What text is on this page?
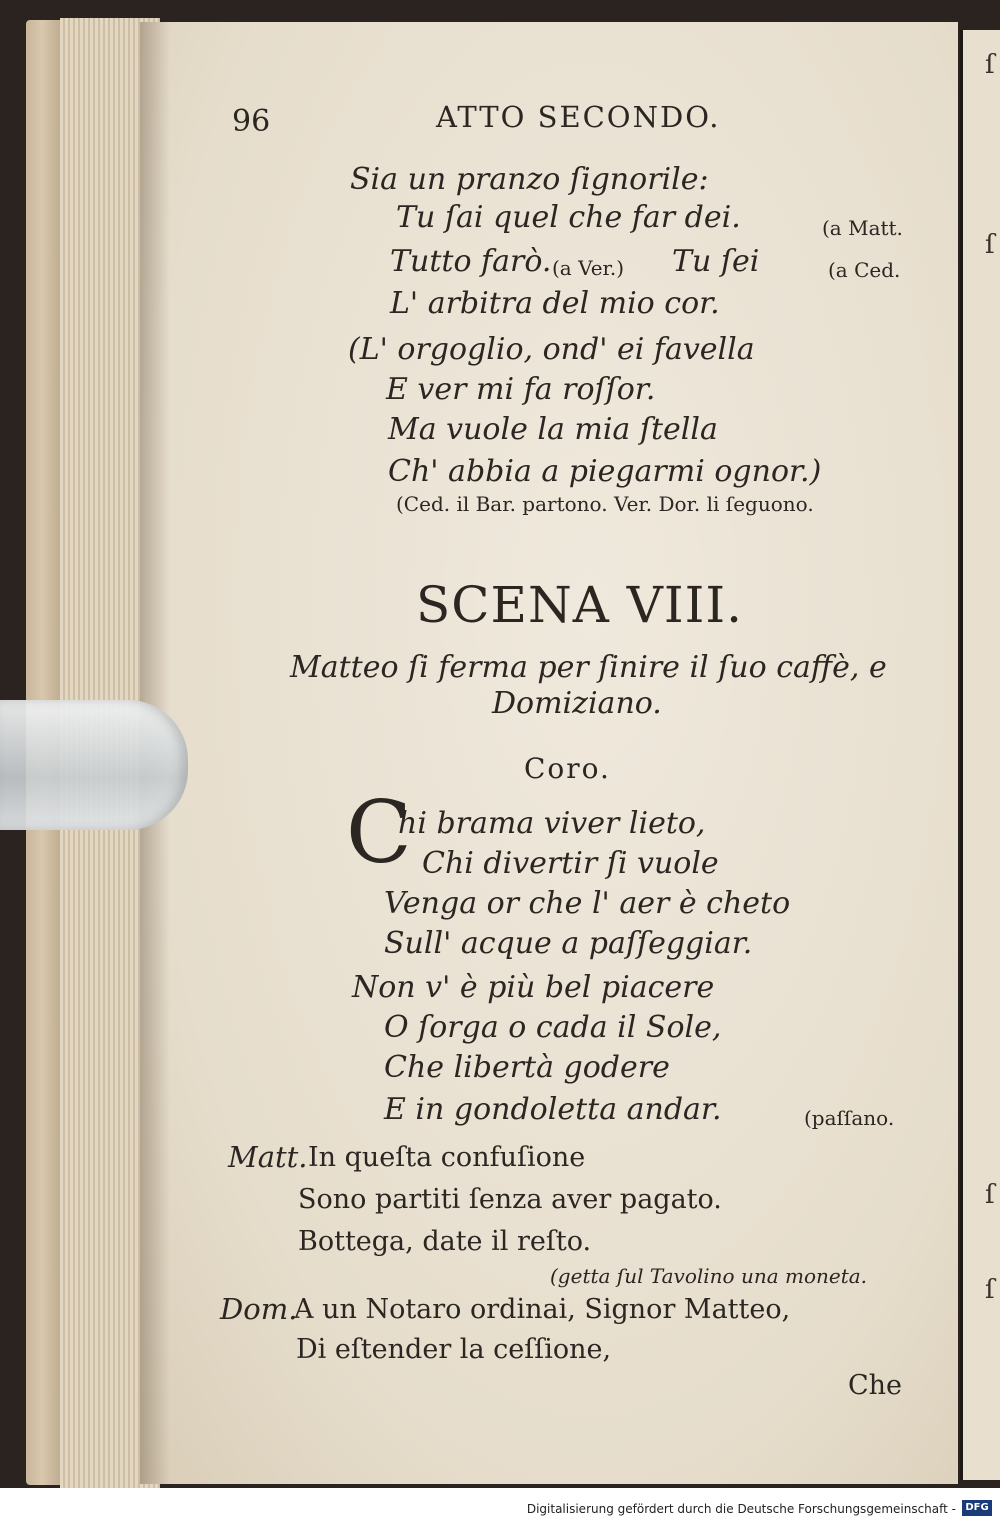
ſ
ſ
ſ
ſ
96	ATTO SECONDO.
Sia un pranzo ſignorile:
Tu ſai quel che far dei.	(a Matt.
Tutto farò. (a Ver.) Tu ſei	(a Ced.
L' arbitra del mio cor.
(L' orgoglio, ond' ei favella
E ver mi fa roſſor.
Ma vuole la mia ſtella
Ch' abbia a piegarmi ognor.)
(Ced. il Bar. partono. Ver. Dor. li ſeguono.
SCENA VIII.
Matteo ſi ferma per ſinire il ſuo caffè, e
Domiziano.
Coro.
C
hi brama viver lieto,
Chi divertir ſi vuole
Venga or che l' aer è cheto
Sull' acque a paſſeggiar.
Non v' è più bel piacere
O ſorga o cada il Sole,
Che libertà godere
E in gondoletta andar.	(paſſano.
Matt. In queſta confuſione
Sono partiti ſenza aver pagato.
Bottega, date il reſto.
(getta ſul Tavolino una moneta.
Dom.
A un Notaro ordinai, Signor Matteo,
Di eſtender la ceſſione,
Che
Digitalisierung gefördert durch die Deutsche Forschungsgemeinschaft - DFG
